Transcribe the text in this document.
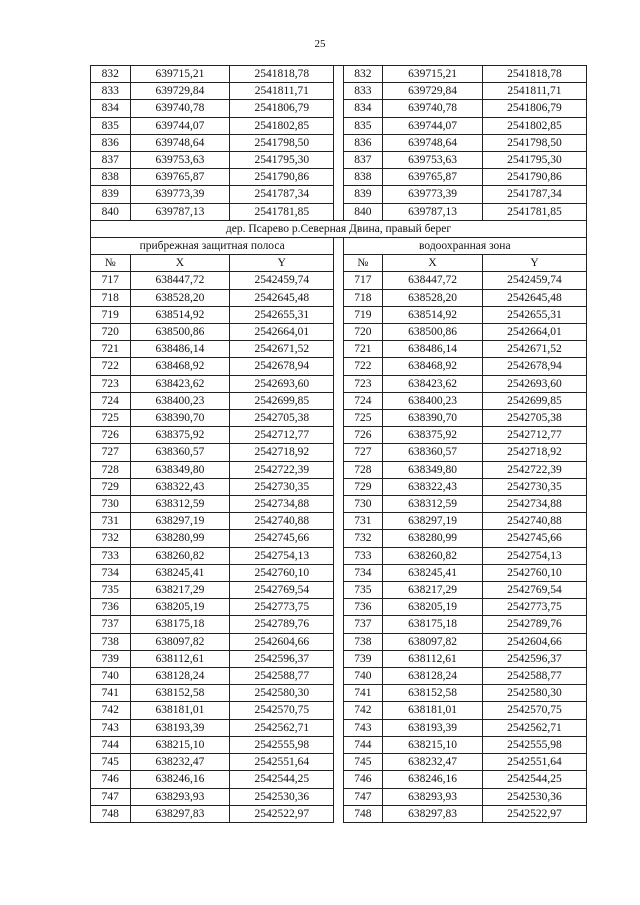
25
832	639715,21	2541818,78		832	639715,21	2541818,78
833	639729,84	2541811,71		833	639729,84	2541811,71
834	639740,78	2541806,79		834	639740,78	2541806,79
835	639744,07	2541802,85		835	639744,07	2541802,85
836	639748,64	2541798,50		836	639748,64	2541798,50
837	639753,63	2541795,30		837	639753,63	2541795,30
838	639765,87	2541790,86		838	639765,87	2541790,86
839	639773,39	2541787,34		839	639773,39	2541787,34
840	639787,13	2541781,85		840	639787,13	2541781,85
дер. Псарево р.Северная Двина, правый берег						
прибрежная защитная полоса				водоохранная зона		
№	X	Y		№	X	Y
717	638447,72	2542459,74		717	638447,72	2542459,74
718	638528,20	2542645,48		718	638528,20	2542645,48
719	638514,92	2542655,31		719	638514,92	2542655,31
720	638500,86	2542664,01		720	638500,86	2542664,01
721	638486,14	2542671,52		721	638486,14	2542671,52
722	638468,92	2542678,94		722	638468,92	2542678,94
723	638423,62	2542693,60		723	638423,62	2542693,60
724	638400,23	2542699,85		724	638400,23	2542699,85
725	638390,70	2542705,38		725	638390,70	2542705,38
726	638375,92	2542712,77		726	638375,92	2542712,77
727	638360,57	2542718,92		727	638360,57	2542718,92
728	638349,80	2542722,39		728	638349,80	2542722,39
729	638322,43	2542730,35		729	638322,43	2542730,35
730	638312,59	2542734,88		730	638312,59	2542734,88
731	638297,19	2542740,88		731	638297,19	2542740,88
732	638280,99	2542745,66		732	638280,99	2542745,66
733	638260,82	2542754,13		733	638260,82	2542754,13
734	638245,41	2542760,10		734	638245,41	2542760,10
735	638217,29	2542769,54		735	638217,29	2542769,54
736	638205,19	2542773,75		736	638205,19	2542773,75
737	638175,18	2542789,76		737	638175,18	2542789,76
738	638097,82	2542604,66		738	638097,82	2542604,66
739	638112,61	2542596,37		739	638112,61	2542596,37
740	638128,24	2542588,77		740	638128,24	2542588,77
741	638152,58	2542580,30		741	638152,58	2542580,30
742	638181,01	2542570,75		742	638181,01	2542570,75
743	638193,39	2542562,71		743	638193,39	2542562,71
744	638215,10	2542555,98		744	638215,10	2542555,98
745	638232,47	2542551,64		745	638232,47	2542551,64
746	638246,16	2542544,25		746	638246,16	2542544,25
747	638293,93	2542530,36		747	638293,93	2542530,36
748	638297,83	2542522,97		748	638297,83	2542522,97
